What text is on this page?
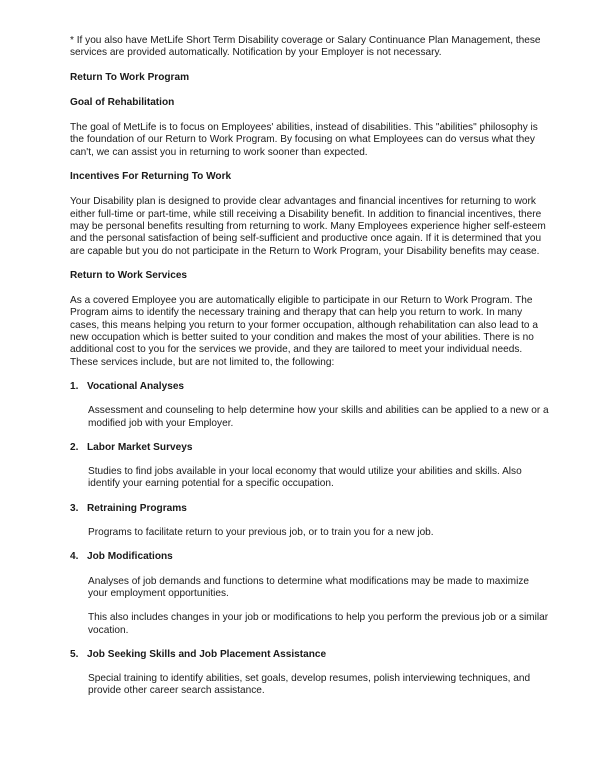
* If you also have MetLife Short Term Disability coverage or Salary Continuance Plan Management, these services are provided automatically. Notification by your Employer is not necessary.

Return To Work Program

Goal of Rehabilitation

The goal of MetLife is to focus on Employees' abilities, instead of disabilities. This "abilities" philosophy is the foundation of our Return to Work Program. By focusing on what Employees can do versus what they can't, we can assist you in returning to work sooner than expected.

Incentives For Returning To Work

Your Disability plan is designed to provide clear advantages and financial incentives for returning to work either full-time or part-time, while still receiving a Disability benefit. In addition to financial incentives, there may be personal benefits resulting from returning to work. Many Employees experience higher self-esteem and the personal satisfaction of being self-sufficient and productive once again. If it is determined that you are capable but you do not participate in the Return to Work Program, your Disability benefits may cease.

Return to Work Services

As a covered Employee you are automatically eligible to participate in our Return to Work Program. The Program aims to identify the necessary training and therapy that can help you return to work. In many cases, this means helping you return to your former occupation, although rehabilitation can also lead to a new occupation which is better suited to your condition and makes the most of your abilities. There is no additional cost to you for the services we provide, and they are tailored to meet your individual needs. These services include, but are not limited to, the following:

1. Vocational Analyses

Assessment and counseling to help determine how your skills and abilities can be applied to a new or a modified job with your Employer.

2. Labor Market Surveys

Studies to find jobs available in your local economy that would utilize your abilities and skills. Also identify your earning potential for a specific occupation.

3. Retraining Programs

Programs to facilitate return to your previous job, or to train you for a new job.

4. Job Modifications

Analyses of job demands and functions to determine what modifications may be made to maximize your employment opportunities.

This also includes changes in your job or modifications to help you perform the previous job or a similar vocation.

5. Job Seeking Skills and Job Placement Assistance

Special training to identify abilities, set goals, develop resumes, polish interviewing techniques, and provide other career search assistance.
